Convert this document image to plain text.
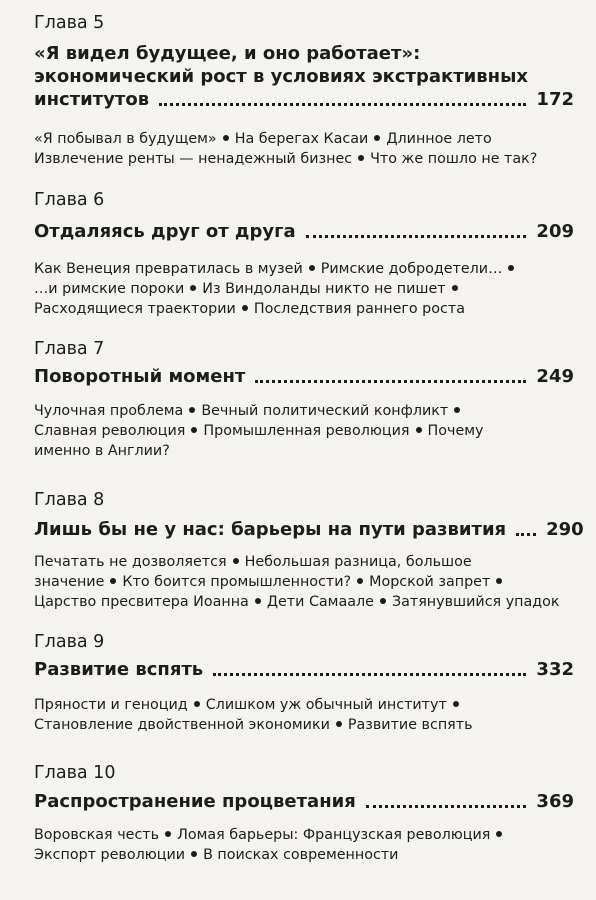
Глава 5
«Я видел будущее, и оно работает»:
экономический рост в условиях экстрактивных
институтов	172
«Я побывал в будущем» На берегах Касаи Длинное лето
Извлечение ренты — ненадежный бизнес Что же пошло не так?
Глава 6
Отдаляясь друг от друга	209
Как Венеция превратилась в музей Римские добродетели…
…и римские пороки Из Виндоланды никто не пишет
Расходящиеся траектории Последствия раннего роста
Глава 7
Поворотный момент	249
Чулочная проблема Вечный политический конфликт
Славная революция Промышленная революция Почему
именно в Англии?
Глава 8
Лишь бы не у нас: барьеры на пути развития 290
Печатать не дозволяется Небольшая разница, большое
значение Кто боится промышленности? Морской запрет
Царство пресвитера Иоанна Дети Самаале Затянувшийся упадок
Глава 9
Развитие вспять	332
Пряности и геноцид Слишком уж обычный институт
Становление двойственной экономики Развитие вспять
Глава 10
Распространение процветания	369
Воровская честь Ломая барьеры: Французская революция
Экспорт революции В поисках современности
